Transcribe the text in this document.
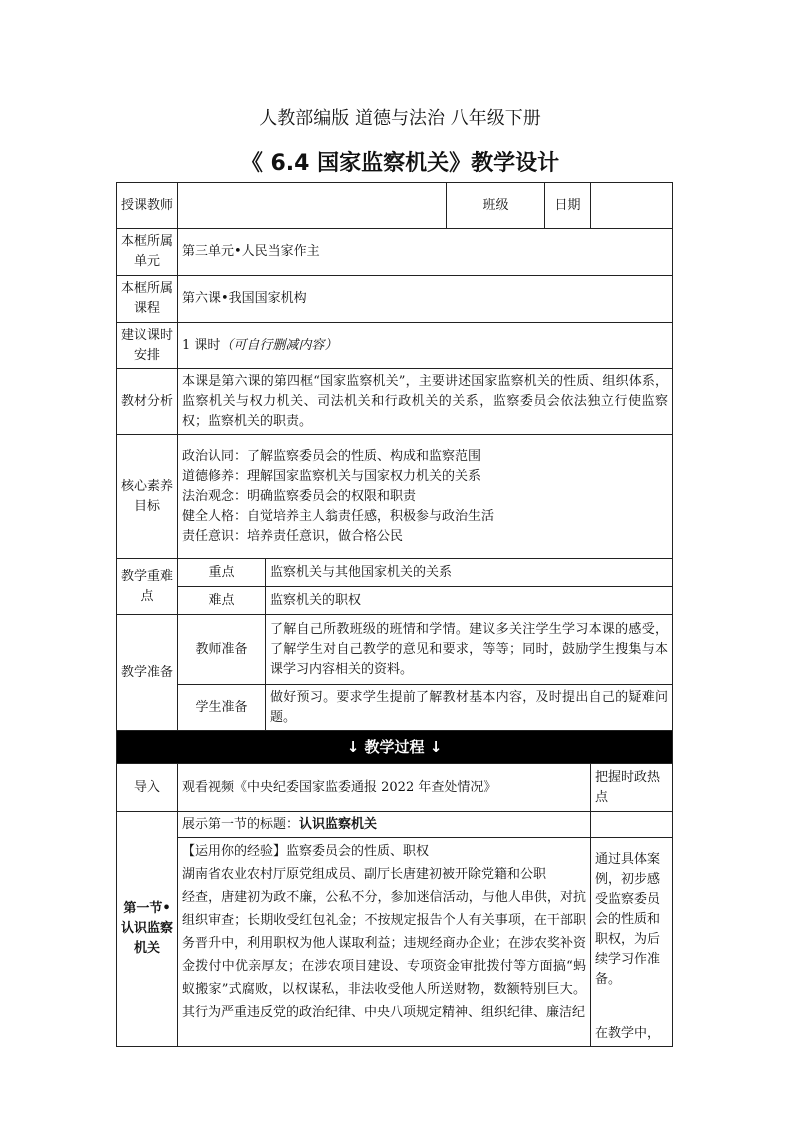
人教部编版 道德与法治 八年级下册
《 6.4 国家监察机关》教学设计
授课教师			班级	日期	
本框所属单元	第三单元•人民当家作主				
本框所属课程	第六课•我国国家机构				
建议课时安排	1 课时（可自行删减内容）				
教材分析	本课是第六课的第四框“国家监察机关”，主要讲述国家监察机关的性质、组织体系，监察机关与权力机关、司法机关和行政机关的关系，监察委员会依法独立行使监察权；监察机关的职责。				
核心素养目标	政治认同：了解监察委员会的性质、构成和监察范围
道德修养：理解国家监察机关与国家权力机关的关系
法治观念：明确监察委员会的权限和职责
健全人格：自觉培养主人翁责任感，积极参与政治生活
责任意识：培养责任意识，做合格公民				

教学重难点	重点	监察机关与其他国家机关的关系			
	难点	监察机关的职权			
教学准备	教师准备	了解自己所教班级的班情和学情。建议多关注学生学习本课的感受，了解学生对自己教学的意见和要求，等等；同时，鼓励学生搜集与本课学习内容相关的资料。			
	学生准备	做好预习。要求学生提前了解教材基本内容，及时提出自己的疑难问题。			
↓ 教学过程 ↓					
导入	观看视频《中央纪委国家监委通报 2022 年查处情况》				把握时政热点
第一节•认识监察机关	展示第一节的标题：认识监察机关				

	【运用你的经验】监察委员会的性质、职权
湖南省农业农村厅原党组成员、副厅长唐建初被开除党籍和公职
经查，唐建初为政不廉，公私不分，参加迷信活动，与他人串供，对抗组织审查；长期收受红包礼金；不按规定报告个人有关事项，在干部职务晋升中，利用职权为他人谋取利益；违规经商办企业；在涉农奖补资金拨付中优亲厚友；在涉农项目建设、专项资金审批拨付等方面搞“蚂蚁搬家”式腐败，以权谋私，非法收受他人所送财物，数额特别巨大。其行为严重违反党的政治纪律、中央八项规定精神、组织纪律、廉洁纪				通过具体案例，初步感受监察委员会的性质和职权，为后续学习作准备。
在教学中，
